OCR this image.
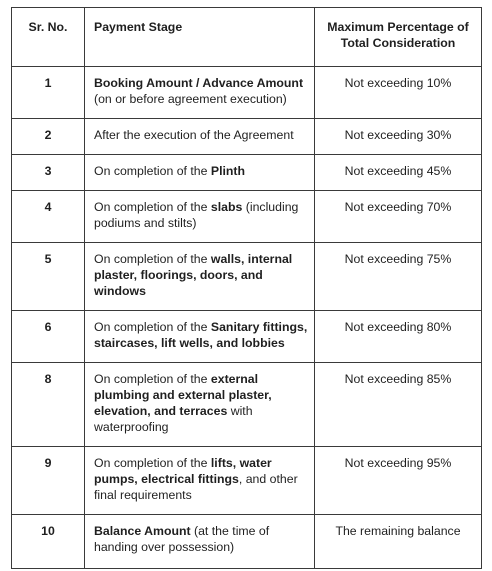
Sr. No.	Payment Stage	Maximum Percentage of Total Consideration
1	Booking Amount / Advance Amount (on or before agreement execution)	Not exceeding 10%
2	After the execution of the Agreement	Not exceeding 30%
3	On completion of the Plinth	Not exceeding 45%
4	On completion of the slabs (including podiums and stilts)	Not exceeding 70%
5	On completion of the walls, internal plaster, floorings, doors, and windows	Not exceeding 75%
6	On completion of the Sanitary fittings, staircases, lift wells, and lobbies	Not exceeding 80%
8	On completion of the external plumbing and external plaster, elevation, and terraces with waterproofing	Not exceeding 85%
9	On completion of the lifts, water pumps, electrical fittings, and other final requirements	Not exceeding 95%
10	Balance Amount (at the time of handing over possession)	The remaining balance
